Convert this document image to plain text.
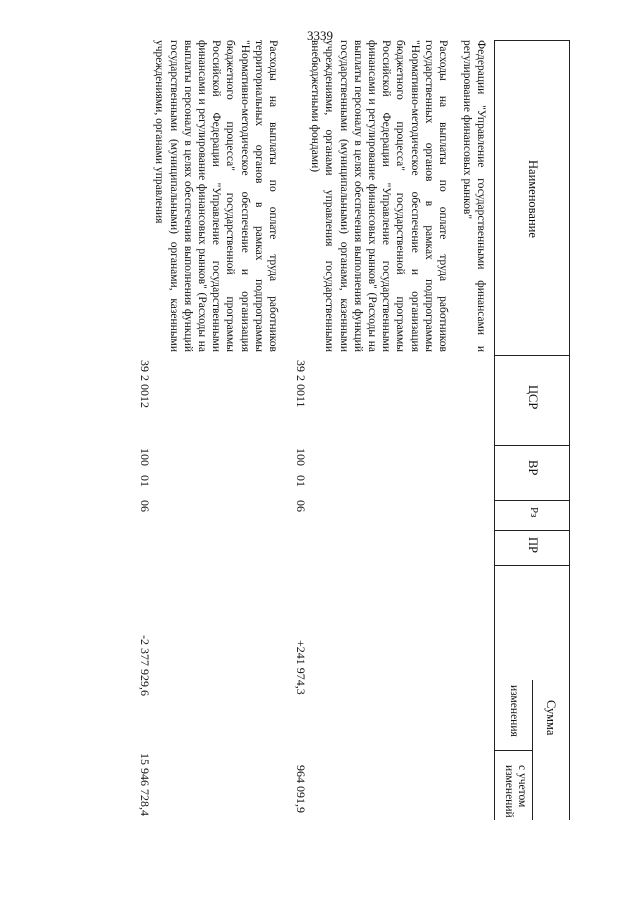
3339
Наименование
ЦСР
ВР
Рз
ПР
Сумма
изменения
с учетом изменений
Федерации "Управление государственными финансами и регулирование финансовых рынков"
Расходы на выплаты по оплате труда работников государственных органов в рамках подпрограммы "Нормативно-методическое обеспечение и организация бюджетного процесса" государственной программы Российской Федерации "Управление государственными финансами и регулирование финансовых рынков" (Расходы на выплаты персоналу в целях обеспечения выполнения функций государственными (муниципальными) органами, казенными учреждениями, органами управления государственными внебюджетными фондами)
39 2 0011
100
01
06
+241 974,3
964 091,9
Расходы на выплаты по оплате труда работников территориальных органов в рамках подпрограммы "Нормативно-методическое обеспечение и организация бюджетного процесса" государственной программы Российской Федерации "Управление государственными финансами и регулирование финансовых рынков" (Расходы на выплаты персоналу в целях обеспечения выполнения функций государственными (муниципальными) органами, казенными учреждениями, органами управления
39 2 0012
100
01
06
-2 377 929,6
15 946 728,4
